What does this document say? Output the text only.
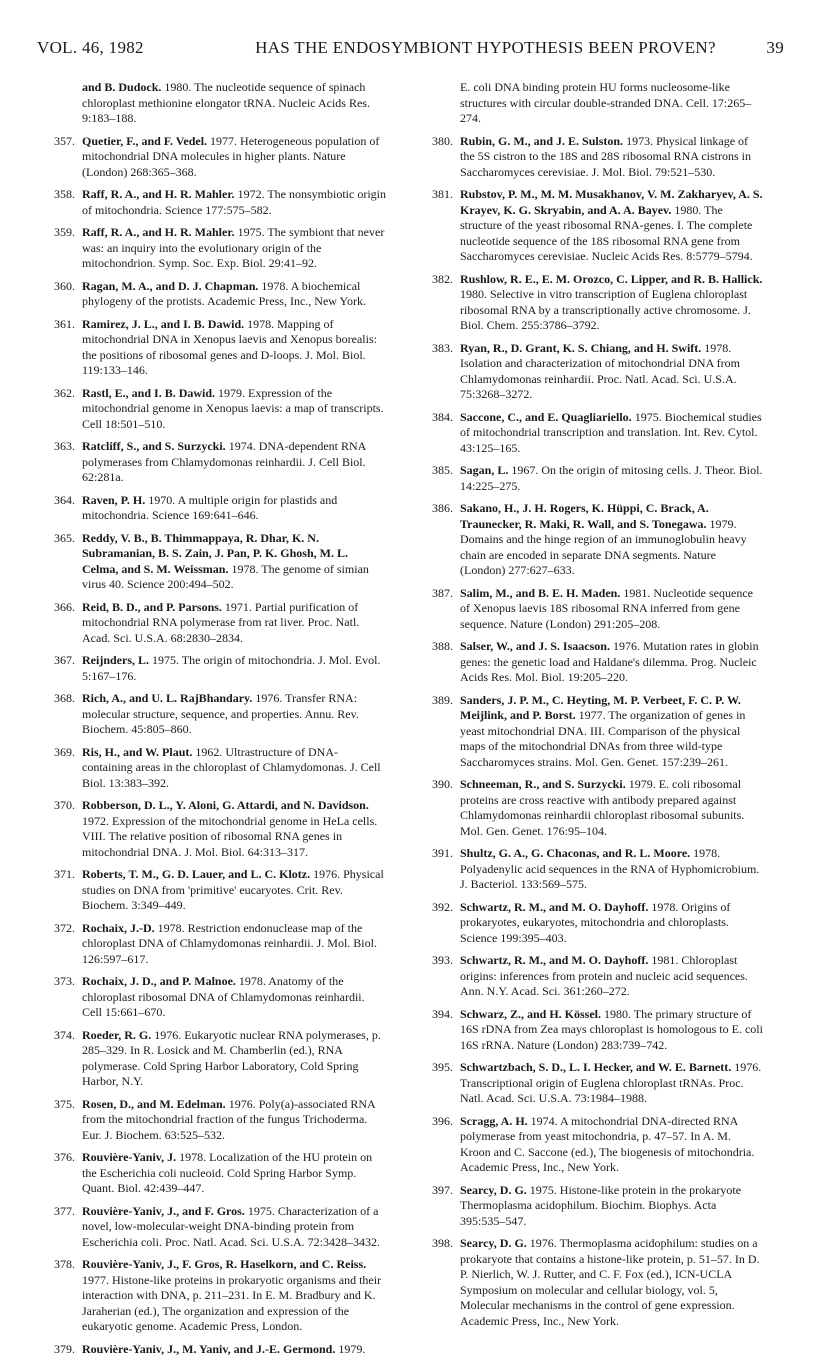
VOL. 46, 1982	HAS THE ENDOSYMBIONT HYPOTHESIS BEEN PROVEN?	39
and B. Dudock. 1980. The nucleotide sequence of spinach chloroplast methionine elongator tRNA. Nucleic Acids Res. 9:183–188.
357. Quetier, F., and F. Vedel. 1977. Heterogeneous population of mitochondrial DNA molecules in higher plants. Nature (London) 268:365–368.
358. Raff, R. A., and H. R. Mahler. 1972. The nonsymbiotic origin of mitochondria. Science 177:575–582.
359. Raff, R. A., and H. R. Mahler. 1975. The symbiont that never was: an inquiry into the evolutionary origin of the mitochondrion. Symp. Soc. Exp. Biol. 29:41–92.
360. Ragan, M. A., and D. J. Chapman. 1978. A biochemical phylogeny of the protists. Academic Press, Inc., New York.
361. Ramirez, J. L., and I. B. Dawid. 1978. Mapping of mitochondrial DNA in Xenopus laevis and Xenopus borealis: the positions of ribosomal genes and D-loops. J. Mol. Biol. 119:133–146.
362. Rastl, E., and I. B. Dawid. 1979. Expression of the mitochondrial genome in Xenopus laevis: a map of transcripts. Cell 18:501–510.
363. Ratcliff, S., and S. Surzycki. 1974. DNA-dependent RNA polymerases from Chlamydomonas reinhardii. J. Cell Biol. 62:281a.
364. Raven, P. H. 1970. A multiple origin for plastids and mitochondria. Science 169:641–646.
365. Reddy, V. B., B. Thimmappaya, R. Dhar, K. N. Subramanian, B. S. Zain, J. Pan, P. K. Ghosh, M. L. Celma, and S. M. Weissman. 1978. The genome of simian virus 40. Science 200:494–502.
366. Reid, B. D., and P. Parsons. 1971. Partial purification of mitochondrial RNA polymerase from rat liver. Proc. Natl. Acad. Sci. U.S.A. 68:2830–2834.
367. Reijnders, L. 1975. The origin of mitochondria. J. Mol. Evol. 5:167–176.
368. Rich, A., and U. L. RajBhandary. 1976. Transfer RNA: molecular structure, sequence, and properties. Annu. Rev. Biochem. 45:805–860.
369. Ris, H., and W. Plaut. 1962. Ultrastructure of DNA-containing areas in the chloroplast of Chlamydomonas. J. Cell Biol. 13:383–392.
370. Robberson, D. L., Y. Aloni, G. Attardi, and N. Davidson. 1972. Expression of the mitochondrial genome in HeLa cells. VIII. The relative position of ribosomal RNA genes in mitochondrial DNA. J. Mol. Biol. 64:313–317.
371. Roberts, T. M., G. D. Lauer, and L. C. Klotz. 1976. Physical studies on DNA from 'primitive' eucaryotes. Crit. Rev. Biochem. 3:349–449.
372. Rochaix, J.-D. 1978. Restriction endonuclease map of the chloroplast DNA of Chlamydomonas reinhardii. J. Mol. Biol. 126:597–617.
373. Rochaix, J. D., and P. Malnoe. 1978. Anatomy of the chloroplast ribosomal DNA of Chlamydomonas reinhardii. Cell 15:661–670.
374. Roeder, R. G. 1976. Eukaryotic nuclear RNA polymerases, p. 285–329. In R. Losick and M. Chamberlin (ed.), RNA polymerase. Cold Spring Harbor Laboratory, Cold Spring Harbor, N.Y.
375. Rosen, D., and M. Edelman. 1976. Poly(a)-associated RNA from the mitochondrial fraction of the fungus Trichoderma. Eur. J. Biochem. 63:525–532.
376. Rouvière-Yaniv, J. 1978. Localization of the HU protein on the Escherichia coli nucleoid. Cold Spring Harbor Symp. Quant. Biol. 42:439–447.
377. Rouvière-Yaniv, J., and F. Gros. 1975. Characterization of a novel, low-molecular-weight DNA-binding protein from Escherichia coli. Proc. Natl. Acad. Sci. U.S.A. 72:3428–3432.
378. Rouvière-Yaniv, J., F. Gros, R. Haselkorn, and C. Reiss. 1977. Histone-like proteins in prokaryotic organisms and their interaction with DNA, p. 211–231. In E. M. Bradbury and K. Jaraherian (ed.), The organization and expression of the eukaryotic genome. Academic Press, London.
379. Rouvière-Yaniv, J., M. Yaniv, and J.-E. Germond. 1979.
E. coli DNA binding protein HU forms nucleosome-like structures with circular double-stranded DNA. Cell. 17:265–274.
380. Rubin, G. M., and J. E. Sulston. 1973. Physical linkage of the 5S cistron to the 18S and 28S ribosomal RNA cistrons in Saccharomyces cerevisiae. J. Mol. Biol. 79:521–530.
381. Rubstov, P. M., M. M. Musakhanov, V. M. Zakharyev, A. S. Krayev, K. G. Skryabin, and A. A. Bayev. 1980. The structure of the yeast ribosomal RNA-genes. I. The complete nucleotide sequence of the 18S ribosomal RNA gene from Saccharomyces cerevisiae. Nucleic Acids Res. 8:5779–5794.
382. Rushlow, R. E., E. M. Orozco, C. Lipper, and R. B. Hallick. 1980. Selective in vitro transcription of Euglena chloroplast ribosomal RNA by a transcriptionally active chromosome. J. Biol. Chem. 255:3786–3792.
383. Ryan, R., D. Grant, K. S. Chiang, and H. Swift. 1978. Isolation and characterization of mitochondrial DNA from Chlamydomonas reinhardii. Proc. Natl. Acad. Sci. U.S.A. 75:3268–3272.
384. Saccone, C., and E. Quagliariello. 1975. Biochemical studies of mitochondrial transcription and translation. Int. Rev. Cytol. 43:125–165.
385. Sagan, L. 1967. On the origin of mitosing cells. J. Theor. Biol. 14:225–275.
386. Sakano, H., J. H. Rogers, K. Hüppi, C. Brack, A. Traunecker, R. Maki, R. Wall, and S. Tonegawa. 1979. Domains and the hinge region of an immunoglobulin heavy chain are encoded in separate DNA segments. Nature (London) 277:627–633.
387. Salim, M., and B. E. H. Maden. 1981. Nucleotide sequence of Xenopus laevis 18S ribosomal RNA inferred from gene sequence. Nature (London) 291:205–208.
388. Salser, W., and J. S. Isaacson. 1976. Mutation rates in globin genes: the genetic load and Haldane's dilemma. Prog. Nucleic Acids Res. Mol. Biol. 19:205–220.
389. Sanders, J. P. M., C. Heyting, M. P. Verbeet, F. C. P. W. Meijlink, and P. Borst. 1977. The organization of genes in yeast mitochondrial DNA. III. Comparison of the physical maps of the mitochondrial DNAs from three wild-type Saccharomyces strains. Mol. Gen. Genet. 157:239–261.
390. Schneeman, R., and S. Surzycki. 1979. E. coli ribosomal proteins are cross reactive with antibody prepared against Chlamydomonas reinhardii chloroplast ribosomal subunits. Mol. Gen. Genet. 176:95–104.
391. Shultz, G. A., G. Chaconas, and R. L. Moore. 1978. Polyadenylic acid sequences in the RNA of Hyphomicrobium. J. Bacteriol. 133:569–575.
392. Schwartz, R. M., and M. O. Dayhoff. 1978. Origins of prokaryotes, eukaryotes, mitochondria and chloroplasts. Science 199:395–403.
393. Schwartz, R. M., and M. O. Dayhoff. 1981. Chloroplast origins: inferences from protein and nucleic acid sequences. Ann. N.Y. Acad. Sci. 361:260–272.
394. Schwarz, Z., and H. Kössel. 1980. The primary structure of 16S rDNA from Zea mays chloroplast is homologous to E. coli 16S rRNA. Nature (London) 283:739–742.
395. Schwartzbach, S. D., L. I. Hecker, and W. E. Barnett. 1976. Transcriptional origin of Euglena chloroplast tRNAs. Proc. Natl. Acad. Sci. U.S.A. 73:1984–1988.
396. Scragg, A. H. 1974. A mitochondrial DNA-directed RNA polymerase from yeast mitochondria, p. 47–57. In A. M. Kroon and C. Saccone (ed.), The biogenesis of mitochondria. Academic Press, Inc., New York.
397. Searcy, D. G. 1975. Histone-like protein in the prokaryote Thermoplasma acidophilum. Biochim. Biophys. Acta 395:535–547.
398. Searcy, D. G. 1976. Thermoplasma acidophilum: studies on a prokaryote that contains a histone-like protein, p. 51–57. In D. P. Nierlich, W. J. Rutter, and C. F. Fox (ed.), ICN-UCLA Symposium on molecular and cellular biology, vol. 5, Molecular mechanisms in the control of gene expression. Academic Press, Inc., New York.
